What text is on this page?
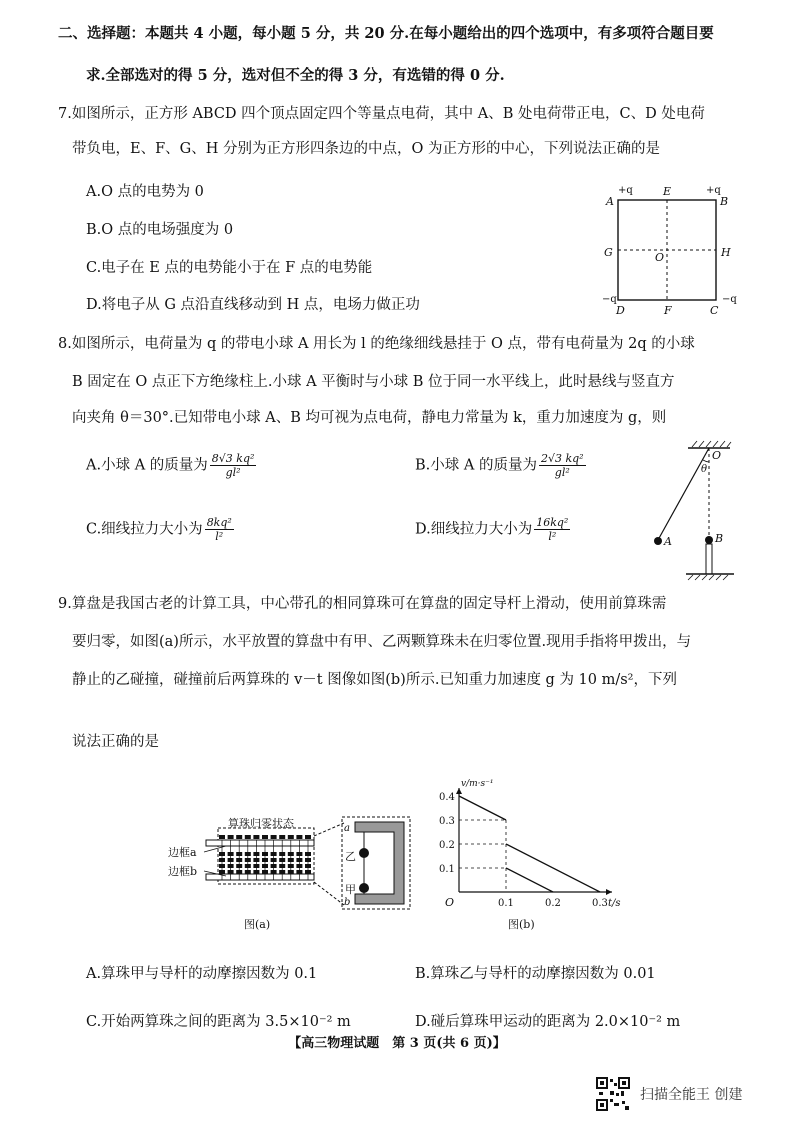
二、选择题：本题共 4 小题，每小题 5 分，共 20 分.在每小题给出的四个选项中，有多项符合题目要
求.全部选对的得 5 分，选对但不全的得 3 分，有选错的得 0 分.
7.如图所示，正方形 ABCD 四个顶点固定四个等量点电荷，其中 A、B 处电荷带正电，C、D 处电荷
带负电，E、F、G、H 分别为正方形四条边的中点，O 为正方形的中心，下列说法正确的是
A.O 点的电势为 0
B.O 点的电场强度为 0
C.电子在 E 点的电势能小于在 F 点的电势能
D.将电子从 G 点沿直线移动到 H 点，电场力做正功
+q	+q
A	B
E
G	H
O
−q	−q
D	F	C
8.如图所示，电荷量为 q 的带电小球 A 用长为 l 的绝缘细线悬挂于 O 点，带有电荷量为 2q 的小球
B 固定在 O 点正下方绝缘柱上.小球 A 平衡时与小球 B 位于同一水平线上，此时悬线与竖直方
向夹角 θ＝30°.已知带电小球 A、B 均可视为点电荷，静电力常量为 k，重力加速度为 g，则
A.小球 A 的质量为 $\frac{\text{8√3 kq²}}{\text{gl²}}$	B.小球 A 的质量为 $\frac{\text{2√3 kq²}}{\text{gl²}}$
C.细线拉力大小为 $\frac{\text{8kq²}}{\text{l²}}$	D.细线拉力大小为 $\frac{\text{16kq²}}{\text{l²}}$
O
θ
A	B
9.算盘是我国古老的计算工具，中心带孔的相同算珠可在算盘的固定导杆上滑动，使用前算珠需
要归零，如图(a)所示，水平放置的算盘中有甲、乙两颗算珠未在归零位置.现用手指将甲拨出，与
静止的乙碰撞，碰撞前后两算珠的 v－t 图像如图(b)所示.已知重力加速度 g 为 10 m/s²，下列
说法正确的是
算珠归零状态
边框a
边框b
a
b
乙
甲
图(a)
v/m·s⁻¹
t/s
O
图(b)
0.1
0.2
0.3
0.4
0.1	0.2	0.3
A.算珠甲与导杆的动摩擦因数为 0.1	B.算珠乙与导杆的动摩擦因数为 0.01
C.开始两算珠之间的距离为 3.5×10⁻² m	D.碰后算珠甲运动的距离为 2.0×10⁻² m
【高三物理试题　第 3 页(共 6 页)】
扫描全能王 创建
